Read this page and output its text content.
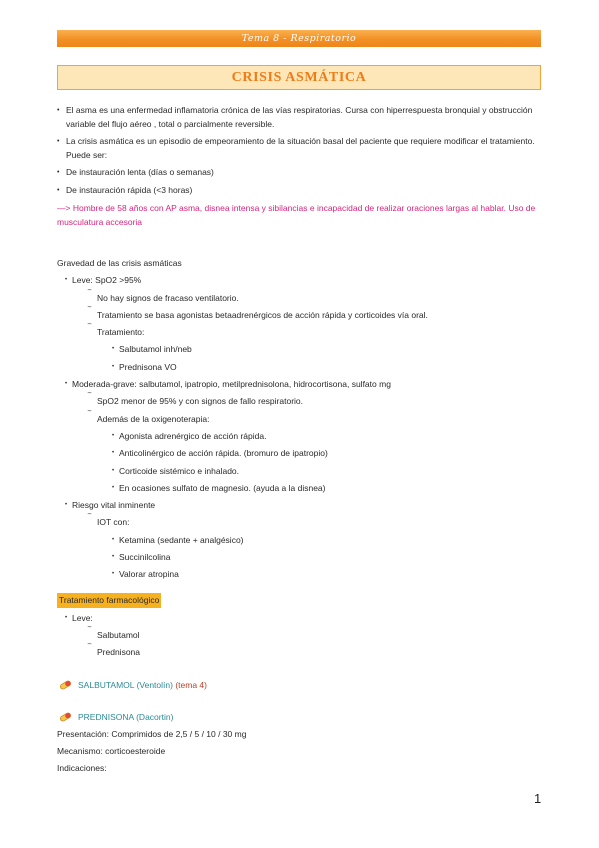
Tema 8 - Respiratorio
CRISIS ASMÁTICA
• El asma es una enfermedad inflamatoria crónica de las vías respiratorias. Cursa con hiperrespuesta bronquial y obstrucción variable del flujo aéreo , total o parcialmente reversible.
• La crisis asmática es un episodio de empeoramiento de la situación basal del paciente que requiere modificar el tratamiento. Puede ser:
• De instauración lenta (días o semanas)
• De instauración rápida (<3 horas)
—> Hombre de 58 años con AP asma, disnea intensa y sibilancias e incapacidad de realizar oraciones largas al hablar. Uso de musculatura accesoria
Gravedad de las crisis asmáticas
• Leve: SpO2 >95%
‾ No hay signos de fracaso ventilatorio.
‾ Tratamiento se basa agonistas betaadrenérgicos de acción rápida y corticoides vía oral.
‾ Tratamiento:
• Salbutamol inh/neb
• Prednisona VO
• Moderada-grave: salbutamol, ipatropio, metilprednisolona, hidrocortisona, sulfato mg
‾ SpO2 menor de 95% y con signos de fallo respiratorio.
‾ Además de la oxigenoterapia:
• Agonista adrenérgico de acción rápida.
• Anticolinérgico de acción rápida. (bromuro de ipatropio)
• Corticoide sistémico e inhalado.
• En ocasiones sulfato de magnesio. (ayuda a la disnea)
• Riesgo vital inminente
‾ IOT con:
• Ketamina (sedante + analgésico)
• Succinilcolina
• Valorar atropina
Tratamiento farmacológico
• Leve:
‾ Salbutamol
‾ Prednisona
SALBUTAMOL (Ventolín) (tema 4)
PREDNISONA (Dacortin)
Presentación: Comprimidos de 2,5 / 5 / 10 / 30 mg
Mecanismo: corticoesteroide
Indicaciones:
1
